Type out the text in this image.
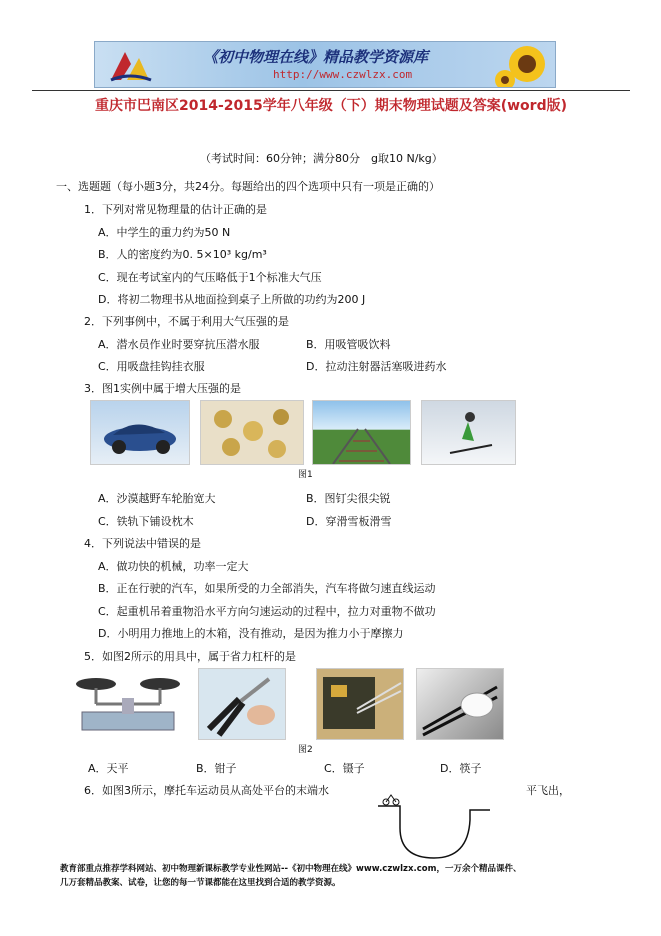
《初中物理在线》精品教学资源库
http://www.czwlzx.com
重庆市巴南区2014-2015学年八年级（下）期末物理试题及答案(word版)
（考试时间：60分钟；满分80分　g取10 N/kg）
一、选题题（每小题3分，共24分。每题给出的四个选项中只有一项是正确的）
1．下列对常见物理量的估计正确的是
A．中学生的重力约为50 N
B．人的密度约为0. 5×10³ kg/m³
C．现在考试室内的气压略低于1个标准大气压
D．将初二物理书从地面捡到桌子上所做的功约为200 J
2．下列事例中，不属于利用大气压强的是
A．潜水员作业时要穿抗压潜水服	B．用吸管吸饮料
C．用吸盘挂钩挂衣服	D．拉动注射器活塞吸进药水
3．图1实例中属于增大压强的是
图1
A．沙漠越野车轮胎宽大	B．图钉尖很尖锐
C．铁轨下铺设枕木	D．穿滑雪板滑雪
4．下列说法中错误的是
A．做功快的机械，功率一定大
B．正在行驶的汽车，如果所受的力全部消失，汽车将做匀速直线运动
C．起重机吊着重物沿水平方向匀速运动的过程中，拉力对重物不做功
D．小明用力推地上的木箱，没有推动，是因为推力小于摩擦力
5．如图2所示的用具中，属于省力杠杆的是
图2
A．天平	B．钳子	C．镊子	D．筷子
6．如图3所示，摩托车运动员从高处平台的末端水	平飞出，
教育部重点推荐学科网站、初中物理新课标教学专业性网站--《初中物理在线》www.czwlzx.com，一万余个精品课件、
几万套精品教案、试卷，让您的每一节课都能在这里找到合适的教学资源。
